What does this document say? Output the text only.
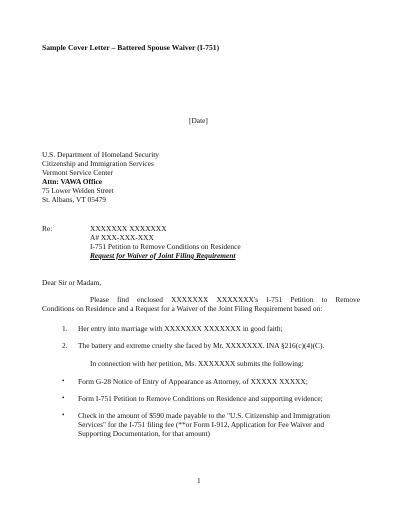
Sample Cover Letter – Battered Spouse Waiver (I-751)
[Date]
U.S. Department of Homeland Security
Citizenship and Immigration Services
Vermont Service Center
Attn: VAWA Office
75 Lower Welden Street
St. Albans, VT 05479
Re:	XXXXXXX XXXXXXX
A# XXX-XXX-XXX
I-751 Petition to Remove Conditions on Residence
Request for Waiver of Joint Filing Requirement
Dear Sir or Madam,

Please find enclosed XXXXXXX XXXXXXX's I-751 Petition to Remove

Conditions on Residence and a Request for a Waiver of the Joint Filing Requirement based on:

1. Her entry into marriage with XXXXXXX XXXXXXX in good faith;
2. The battery and extreme cruelty she faced by Mr. XXXXXXX. INA §216(c)(4)(C).
In connection with her petition, Ms. XXXXXXX submits the following:
• Form G-28 Notice of Entry of Appearance as Attorney, of XXXXX XXXXX;
• Form I-751 Petition to Remove Conditions on Residence and supporting evidence;
• Check in the amount of $590 made payable to the "U.S. Citizenship and Immigration Services" for the I-751 filing fee (**or Form I-912, Application for Fee Waiver and Supporting Documentation, for that amount)
1
